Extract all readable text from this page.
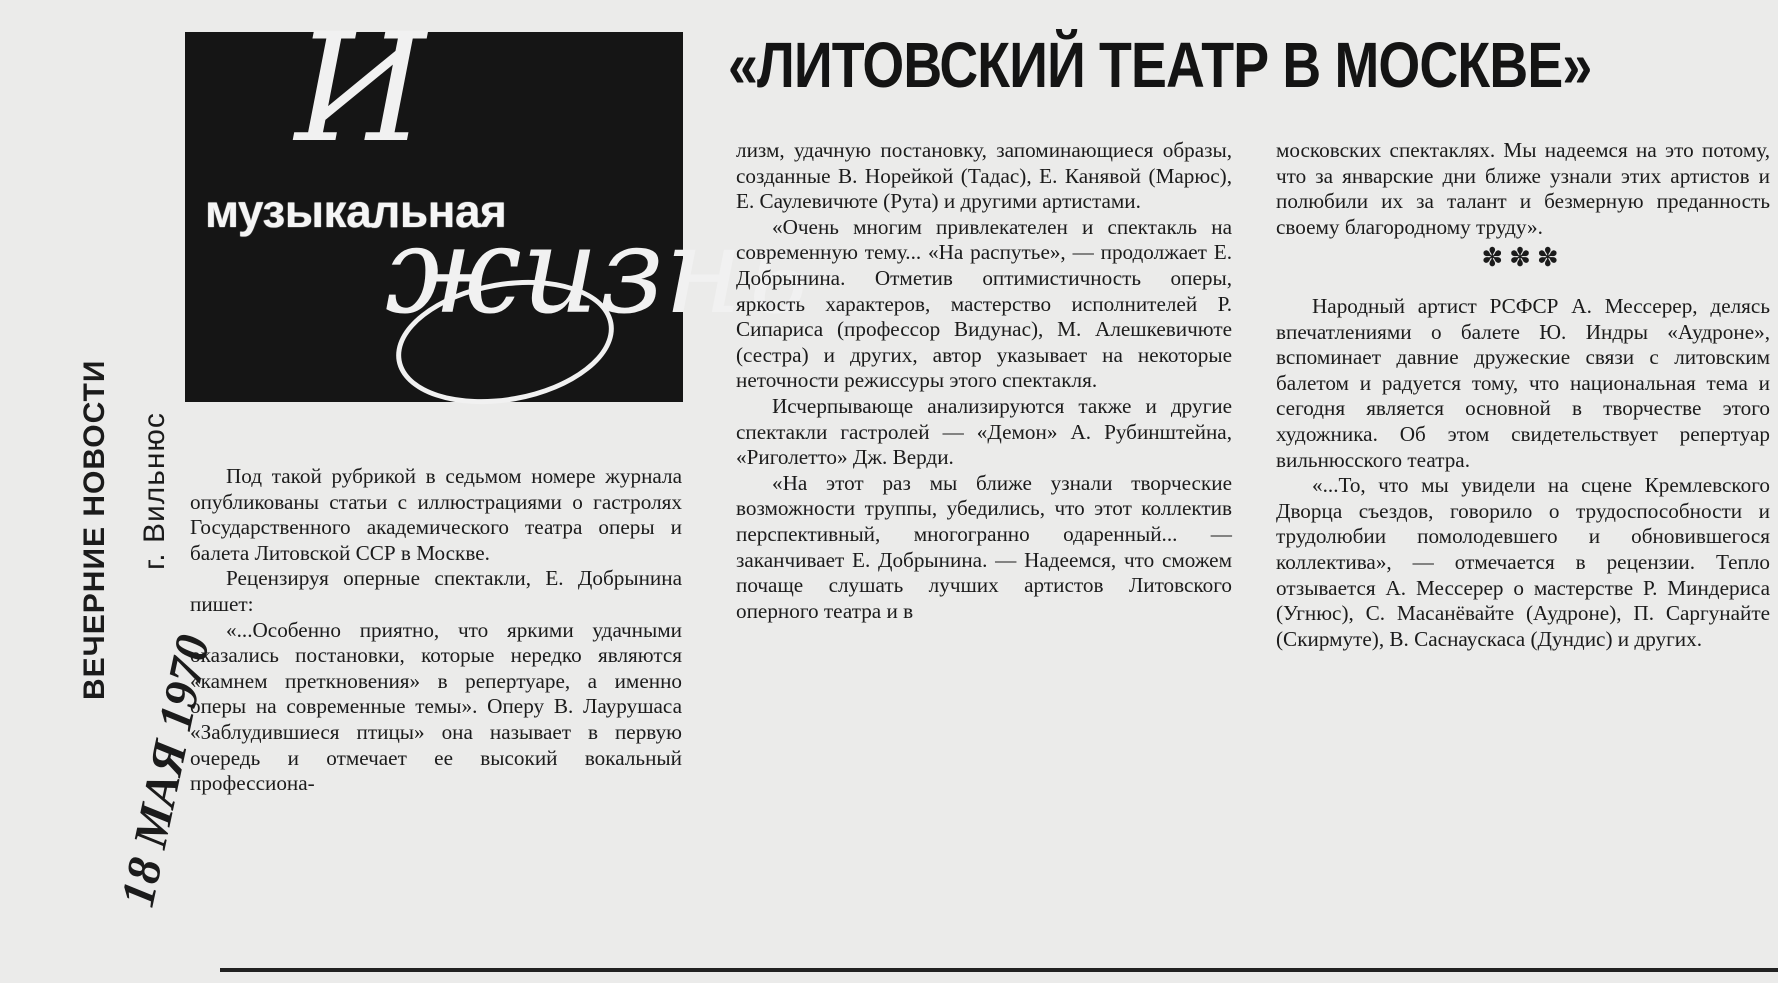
ВЕЧЕРНИЕ НОВОСТИ г. Вильнюс
18 МАЯ 1970
И
музыкальная
жизнь
«ЛИТОВСКИЙ ТЕАТР В МОСКВЕ»

Под такой рубрикой в седьмом номере журнала опубликованы статьи с иллюстрациями о гастролях Государственного академического театра оперы и балета Литовской ССР в Москве.

Рецензируя оперные спектакли, Е. Добрынина пишет:

«...Особенно приятно, что яркими удачными оказались постановки, которые нередко являются «камнем преткновения» в репертуаре, а именно оперы на современные темы». Оперу В. Лаурушаса «Заблудившиеся птицы» она называет в первую очередь и отмечает ее высокий вокальный профессиона-

лизм, удачную постановку, запоминающиеся образы, созданные В. Норейкой (Тадас), Е. Канявой (Марюс), Е. Саулевичюте (Рута) и другими артистами.

«Очень многим привлекателен и спектакль на современную тему... «На распутье», — продолжает Е. Добрынина. Отметив оптимистичность оперы, яркость характеров, мастерство исполнителей Р. Сипариса (профессор Видунас), М. Алешкевичюте (сестра) и других, автор указывает на некоторые неточности режиссуры этого спектакля.

Исчерпывающе анализируются также и другие спектакли гастролей — «Демон» А. Рубинштейна, «Риголетто» Дж. Верди.

«На этот раз мы ближе узнали творческие возможности труппы, убедились, что этот коллектив перспективный, многогранно одаренный... — заканчивает Е. Добрынина. — Надеемся, что сможем почаще слушать лучших артистов Литовского оперного театра и в

московских спектаклях. Мы надеемся на это потому, что за январские дни ближе узнали этих артистов и полюбили их за талант и безмерную преданность своему благородному труду».

✽✽✽

Народный артист РСФСР А. Мессерер, делясь впечатлениями о балете Ю. Индры «Аудроне», вспоминает давние дружеские связи с литовским балетом и радуется тому, что национальная тема и сегодня является основной в творчестве этого художника. Об этом свидетельствует репертуар вильнюсского театра.

«...То, что мы увидели на сцене Кремлевского Дворца съездов, говорило о трудоспособности и трудолюбии помолодевшего и обновившегося коллектива», — отмечается в рецензии. Тепло отзывается А. Мессерер о мастерстве Р. Миндериса (Угнюс), С. Масанёвайте (Аудроне), П. Саргунайте (Скирмуте), В. Саснаускаса (Дундис) и других.
